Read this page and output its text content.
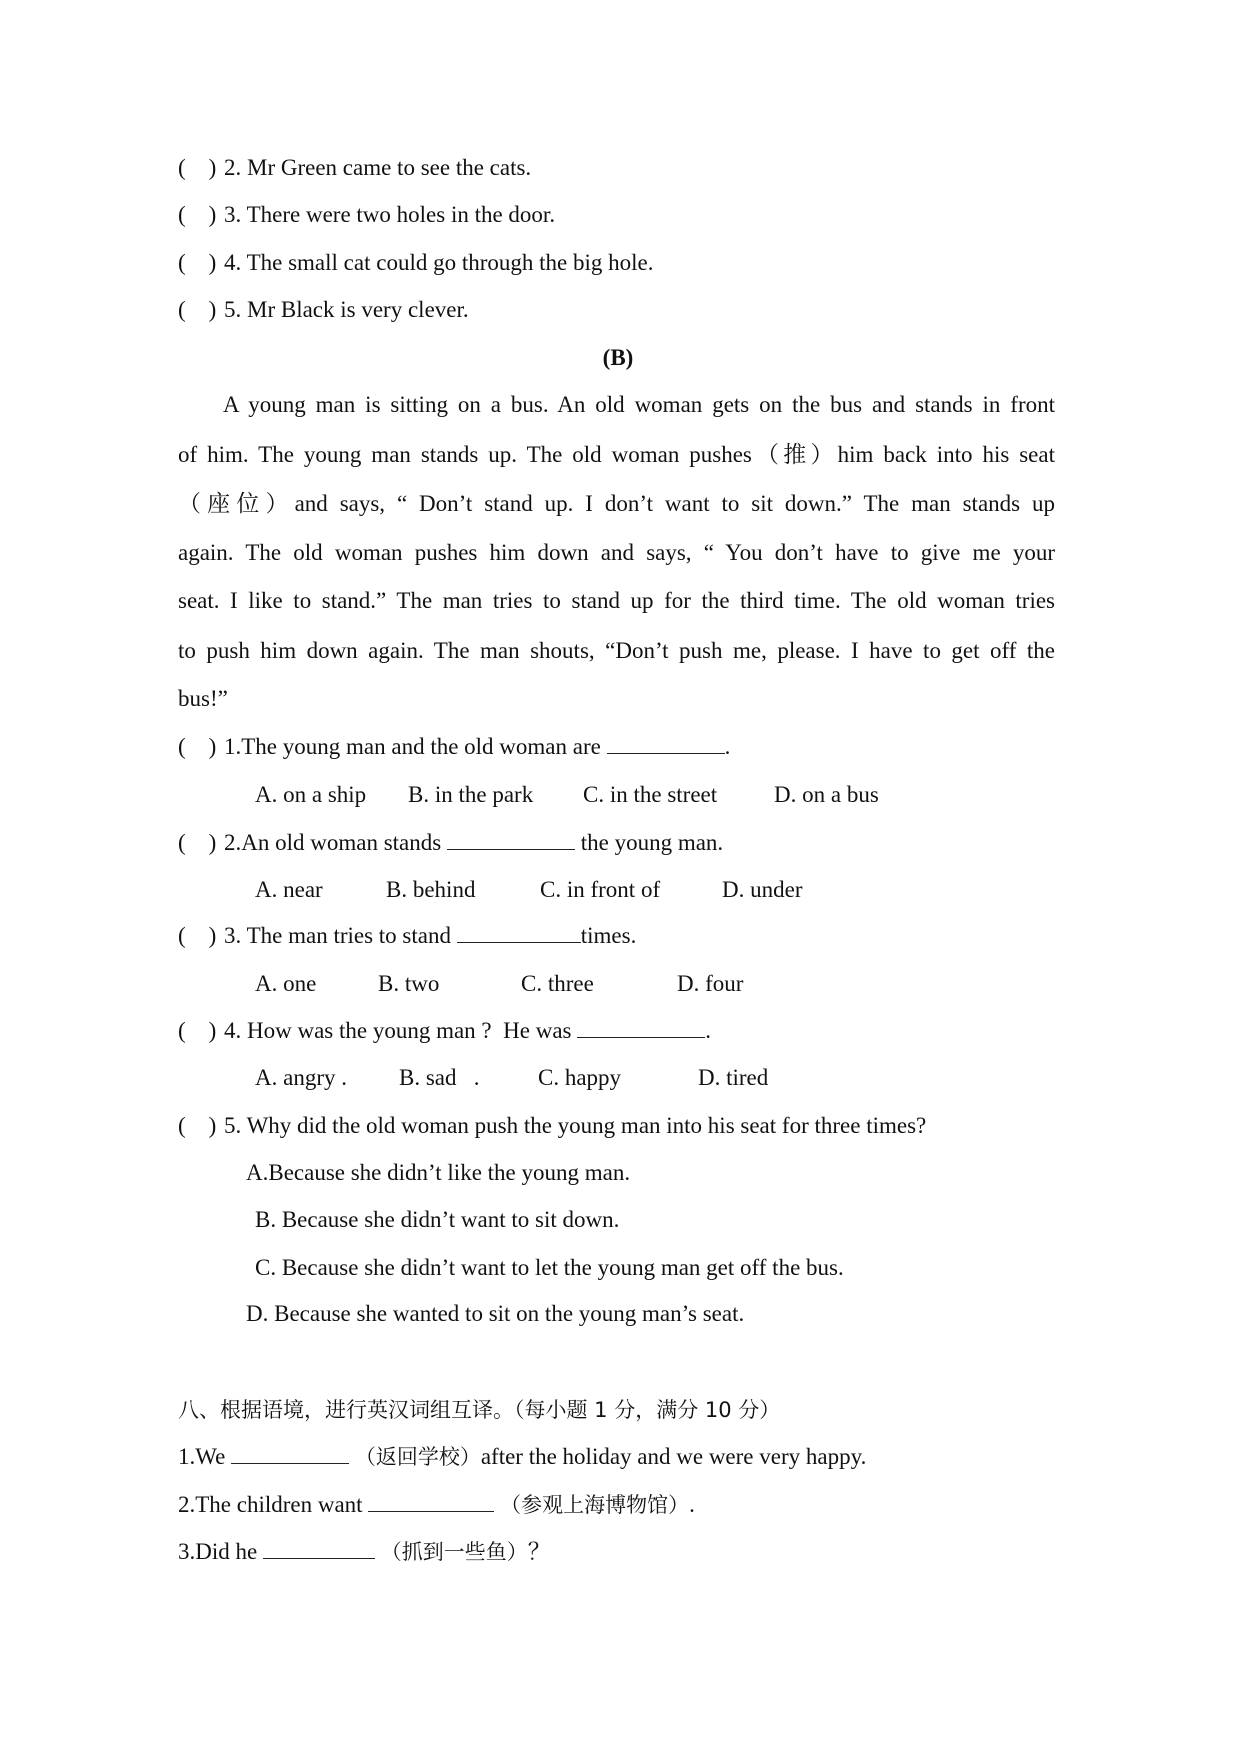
(    ) 2. Mr Green came to see the cats.
(    ) 3. There were two holes in the door.
(    ) 4. The small cat could go through the big hole.
(    ) 5. Mr Black is very clever.
(B)
A young man is sitting on a bus. An old woman gets on the bus and stands in front
of him. The young man stands up. The old woman pushes（推）him back into his seat
（座位）and says, “ Don’t stand up. I don’t want to sit down.” The man stands up
again. The old woman pushes him down and says, “ You don’t have to give me your
seat. I like to stand.” The man tries to stand up for the third time. The old woman tries
to push him down again. The man shouts, “Don’t push me, please. I have to get off the
bus!”
(    ) 1.The young man and the old woman are	.
A. on a ship B. in the park C. in the street D. on a bus
(    ) 2.An old woman stands	the young man.
A. near	B. behind	C. in front of	D. under
(    ) 3. The man tries to stand	times.
A. one	B. two	C. three	D. four
(    ) 4. How was the young man ?  He was	.
A. angry . B. sad   .	C. happy	D. tired
(    ) 5. Why did the old woman push the young man into his seat for three times?
A.Because she didn’t like the young man.
B. Because she didn’t want to sit down.
C. Because she didn’t want to let the young man get off the bus.
D. Because she wanted to sit on the young man’s seat.
八、根据语境，进行英汉词组互译。（每小题 1 分，满分 10 分）
1.We	（返回学校）after the holiday and we were very happy.
2.The children want	（参观上海博物馆）.
3.Did he	（抓到一些鱼）？
